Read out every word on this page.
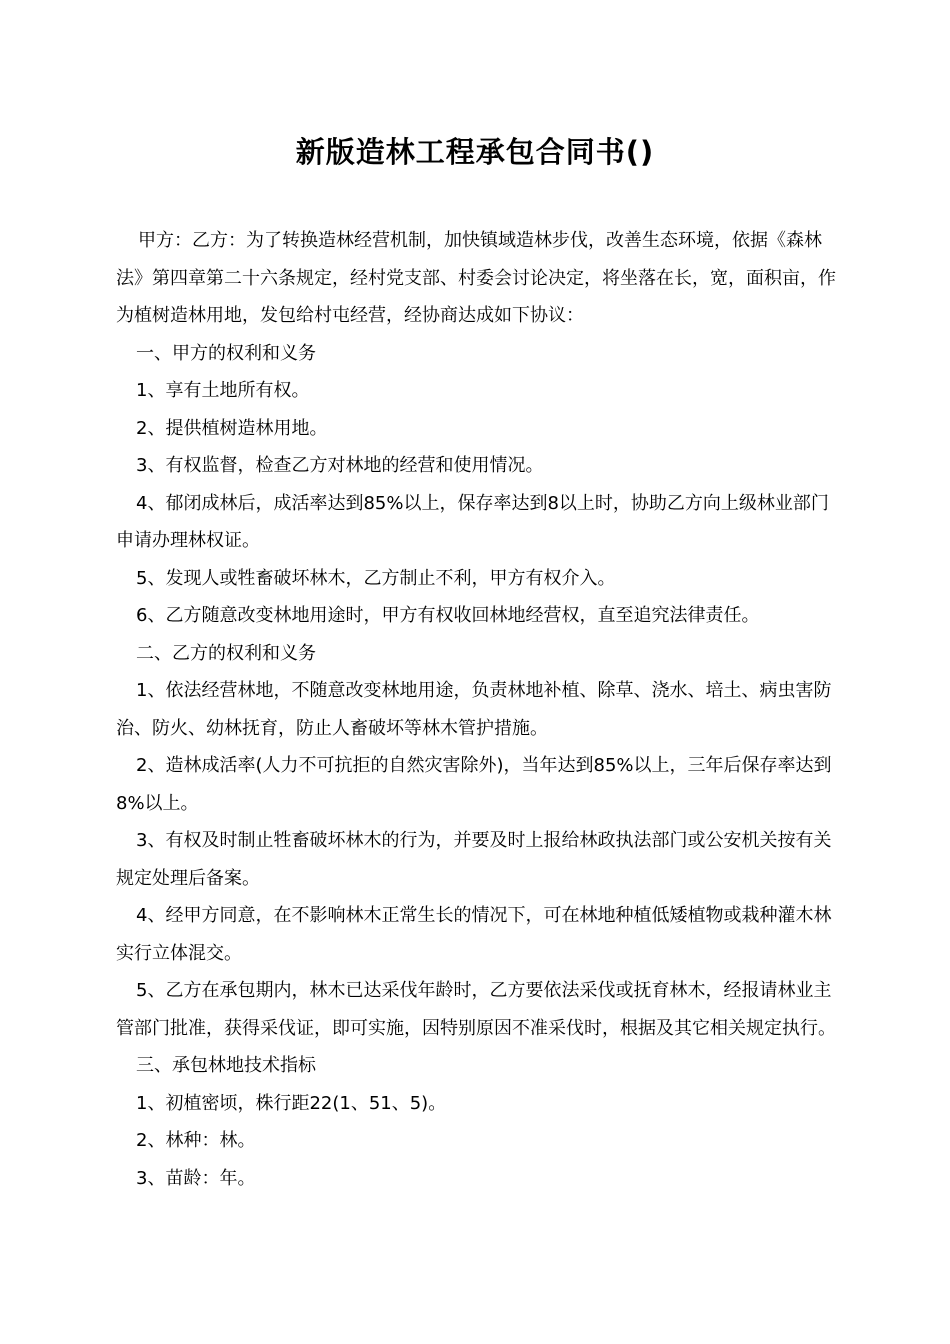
新版造林工程承包合同书()

甲方：乙方：为了转换造林经营机制，加快镇域造林步伐，改善生态环境，依据《森林法》第四章第二十六条规定，经村党支部、村委会讨论决定，将坐落在长，宽，面积亩，作为植树造林用地，发包给村屯经营，经协商达成如下协议：

一、甲方的权利和义务

1、享有土地所有权。

2、提供植树造林用地。

3、有权监督，检查乙方对林地的经营和使用情况。

4、郁闭成林后，成活率达到85%以上，保存率达到8以上时，协助乙方向上级林业部门申请办理林权证。

5、发现人或牲畜破坏林木，乙方制止不利，甲方有权介入。

6、乙方随意改变林地用途时，甲方有权收回林地经营权，直至追究法律责任。

二、乙方的权利和义务

1、依法经营林地，不随意改变林地用途，负责林地补植、除草、浇水、培土、病虫害防治、防火、幼林抚育，防止人畜破坏等林木管护措施。

2、造林成活率(人力不可抗拒的自然灾害除外)，当年达到85%以上，三年后保存率达到8%以上。

3、有权及时制止牲畜破坏林木的行为，并要及时上报给林政执法部门或公安机关按有关规定处理后备案。

4、经甲方同意，在不影响林木正常生长的情况下，可在林地种植低矮植物或栽种灌木林实行立体混交。

5、乙方在承包期内，林木已达采伐年龄时，乙方要依法采伐或抚育林木，经报请林业主管部门批准，获得采伐证，即可实施，因特别原因不准采伐时，根据及其它相关规定执行。

三、承包林地技术指标

1、初植密顷，株行距22(1、51、5)。

2、林种：林。

3、苗龄：年。
